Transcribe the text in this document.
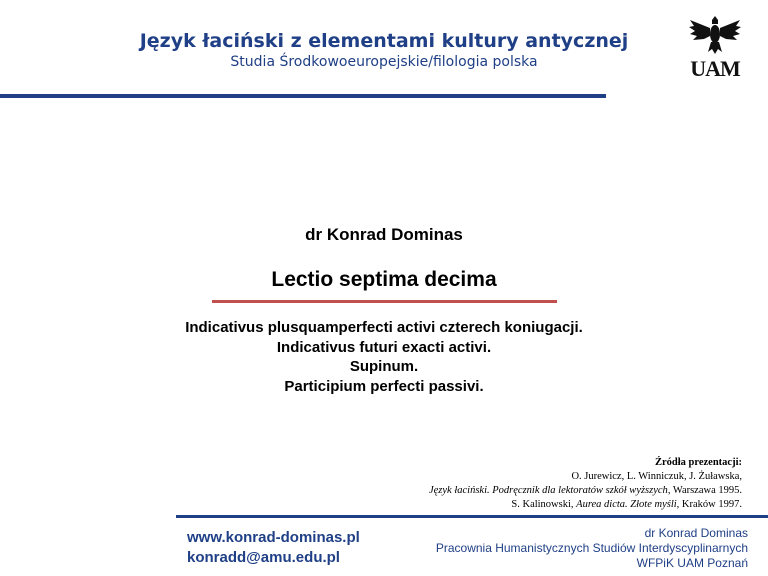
Język łaciński z elementami kultury antycznej
Studia Środkowoeuropejskie/filologia polska	UAM
dr Konrad Dominas
Lectio septima decima
Indicativus plusquamperfecti activi czterech koniugacji.
Indicativus futuri exacti activi.
Supinum.
Participium perfecti passivi.
Źródła prezentacji:
O. Jurewicz, L. Winniczuk, J. Żuławska,
Język łaciński. Podręcznik dla lektoratów szkół wyższych, Warszawa 1995.
S. Kalinowski, Aurea dicta. Złote myśli, Kraków 1997.
www.konrad-dominas.pl
konradd@amu.edu.pl
dr Konrad Dominas
Pracownia Humanistycznych Studiów Interdyscyplinarnych
WFPiK UAM Poznań
